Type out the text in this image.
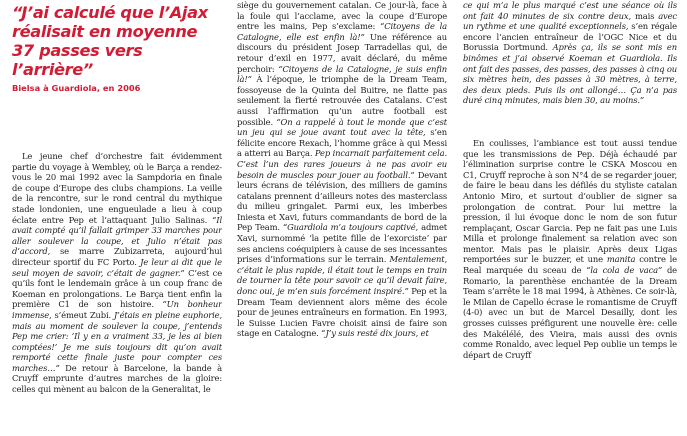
“J’ai calculé que l’Ajax réalisait en moyenne 37 passes vers l’arrière”
Bielsa à Guardiola, en 2006

Le jeune chef d’orchestre fait évidemment partie du voyage à Wembley, où le Barça a rendez-vous le 20 mai 1992 avec la Sampdoria en finale de coupe d’Europe des clubs champions. La veille de la rencontre, sur le rond central du mythique stade londonien, une engueulade a lieu à coup éclate entre Pep et l’attaquant Julio Salinas. “Il avait compté qu’il fallait grimper 33 marches pour aller soulever la coupe, et Julio n’était pas d’accord, se marre Zubizarreta, aujourd’hui directeur sportif du FC Porto. Je leur ai dit que le seul moyen de savoir, c’était de gagner.” C’est ce qu’ils font le lendemain grâce à un coup franc de Koeman en prolongations. Le Barça tient enfin la première C1 de son histoire. “Un bonheur immense, s’émeut Zubi. J’étais en pleine euphorie, mais au moment de soulever la coupe, j’entends Pep me crier: ‘Il y en a vraiment 33, je les ai bien comptées!’ Je me suis toujours dit qu’on avait remporté cette finale juste pour compter ces marches…” De retour à Barcelone, la bande à Cruyff emprunte d’autres marches de la gloire: celles qui mènent au balcon de la Generalitat, le

siège du gouvernement catalan. Ce jour-là, face à la foule qui l’acclame, avec la coupe d’Europe entre les mains, Pep s’exclame: “Citoyens de la Catalogne, elle est enfin là!” Une référence au discours du président Josep Tarradellas qui, de retour d’exil en 1977, avait déclaré, du même perchoir: “Citoyens de la Catalogne, je suis enfin là!” À l’époque, le triomphe de la Dream Team, fossoyeuse de la Quinta del Buitre, ne flatte pas seulement la fierté retrouvée des Catalans. C’est aussi l’affirmation qu’un autre football est possible. “On a rappelé à tout le monde que c’est un jeu qui se joue avant tout avec la tête, s’en félicite encore Rexach, l’homme grâce à qui Messi a atterri au Barça. Pep incarnait parfaitement cela. C’est l’un des rares joueurs à ne pas avoir eu besoin de muscles pour jouer au football.” Devant leurs écrans de télévision, des milliers de gamins catalans prennent d’ailleurs notes des masterclass du milieu gringalet. Parmi eux, les imberbes Iniesta et Xavi, futurs commandants de bord de la Pep Team. “Guardiola m’a toujours captivé, admet Xavi, surnommé ‘la petite fille de l’exorciste’ par ses anciens coéquipiers à cause de ses incessantes prises d’informations sur le terrain. Mentalement, c’était le plus rapide, il était tout le temps en train de tourner la tête pour savoir ce qu’il devait faire, donc oui, je m’en suis forcément inspiré.” Pep et la Dream Team deviennent alors même des école pour de jeunes entraîneurs en formation. En 1993, le Suisse Lucien Favre choisit ainsi de faire son stage en Catalogne. “J’y suis resté dix jours, et

ce qui m’a le plus marqué c’est une séance où ils ont fait 40 minutes de six contre deux, mais avec un rythme et une qualité exceptionnels, s’en régale encore l’ancien entraîneur de l’OGC Nice et du Borussia Dortmund. Après ça, ils se sont mis en binômes et j’ai observé Koeman et Guardiola. Ils ont fait des passes, des passes, des passes à cinq ou six mètres hein, des passes à 30 mètres, à terre, des deux pieds. Puis ils ont allongé… Ça n’a pas duré cinq minutes, mais bien 30, au moins.”

En coulisses, l’ambiance est tout aussi tendue que les transmissions de Pep. Déjà échaudé par l’élimination surprise contre le CSKA Moscou en C1, Cruyff reproche à son N°4 de se regarder jouer, de faire le beau dans les défilés du styliste catalan Antonio Miro, et surtout d’oublier de signer sa prolongation de contrat. Pour lui mettre la pression, il lui évoque donc le nom de son futur remplaçant, Oscar Garcia. Pep ne fait pas une Luis Milla et prolonge finalement sa relation avec son mentor. Mais pas le plaisir. Après deux Ligas remportées sur le buzzer, et une manita contre le Real marquée du sceau de “la cola de vaca” de Romario, la parenthèse enchantée de la Dream Team s’arrête le 18 mai 1994, à Athènes. Ce soir-là, le Milan de Capello écrase le romantisme de Cruyff (4-0) avec un but de Marcel Desailly, dont les grosses cuisses préfigurent une nouvelle ère: celle des Makélélé, des Vieira, mais aussi des ovnis comme Ronaldo, avec lequel Pep oublie un temps le départ de Cruyff
